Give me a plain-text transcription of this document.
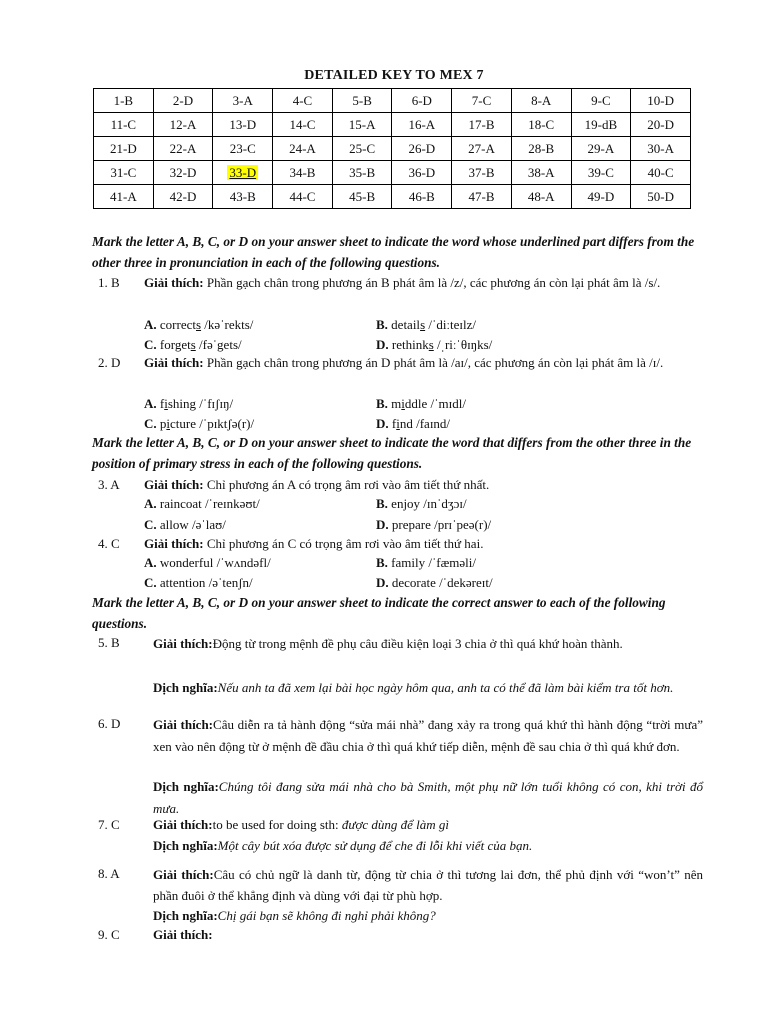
DETAILED KEY TO MEX 7
1-B	2-D	3-A	4-C	5-B	6-D	7-C	8-A	9-C	10-D
11-C	12-A	13-D	14-C	15-A	16-A	17-B	18-C	19-dB	20-D
21-D	22-A	23-C	24-A	25-C	26-D	27-A	28-B	29-A	30-A
31-C	32-D	33-D	34-B	35-B	36-D	37-B	38-A	39-C	40-C
41-A	42-D	43-B	44-C	45-B	46-B	47-B	48-A	49-D	50-D
Mark the letter A, B, C, or D on your answer sheet to indicate the word whose underlined part differs from the other three in pronunciation in each of the following questions.
1. B Giải thích: Phần gạch chân trong phương án B phát âm là /z/, các phương án còn lại phát âm là /s/.
A. corrects /kəˈrekts/	B. details /ˈdiːteɪlz/
C. forgets /fəˈgets/	D. rethinks /ˌriːˈθɪŋks/
2. D Giải thích: Phần gạch chân trong phương án D phát âm là /aɪ/, các phương án còn lại phát âm là /ɪ/.
A. fishing /ˈfɪʃɪŋ/	B. middle /ˈmɪdl/
C. picture /ˈpɪktʃə(r)/	D. find /faɪnd/
Mark the letter A, B, C, or D on your answer sheet to indicate the word that differs from the other three in the position of primary stress in each of the following questions.
3. A Giải thích: Chỉ phương án A có trọng âm rơi vào âm tiết thứ nhất.
A. raincoat /ˈreɪnkəʊt/	B. enjoy /ɪnˈdʒɔɪ/
C. allow /əˈlaʊ/	D. prepare /prɪˈpeə(r)/
4. C Giải thích: Chỉ phương án C có trọng âm rơi vào âm tiết thứ hai.
A. wonderful /ˈwʌndəfl/	B. family /ˈfæməli/
C. attention /əˈtenʃn/	D. decorate /ˈdekəreɪt/
Mark the letter A, B, C, or D on your answer sheet to indicate the correct answer to each of the following questions.
5. B	Giải thích:Động từ trong mệnh đề phụ câu điều kiện loại 3 chia ở thì quá khứ hoàn thành.
Dịch nghĩa:Nếu anh ta đã xem lại bài học ngày hôm qua, anh ta có thể đã làm bài kiểm tra tốt hơn.
6. D	Giải thích:Câu diễn ra tả hành động “sửa mái nhà” đang xảy ra trong quá khứ thì hành động “trời mưa” xen vào nên động từ ở mệnh đề đầu chia ở thì quá khứ tiếp diễn, mệnh đề sau chia ở thì quá khứ đơn.
Dịch nghĩa:Chúng tôi đang sửa mái nhà cho bà Smith, một phụ nữ lớn tuổi không có con, khi trời đổ mưa.
7. C	Giải thích:to be used for doing sth: được dùng để làm gì
Dịch nghĩa:Một cây bút xóa được sử dụng để che đi lỗi khi viết của bạn.
8. A	Giải thích:Câu có chủ ngữ là danh từ, động từ chia ở thì tương lai đơn, thể phủ định với “won’t” nên phần đuôi ở thể khẳng định và dùng với đại từ phù hợp.
Dịch nghĩa:Chị gái bạn sẽ không đi nghỉ phải không?
9. C	Giải thích:
